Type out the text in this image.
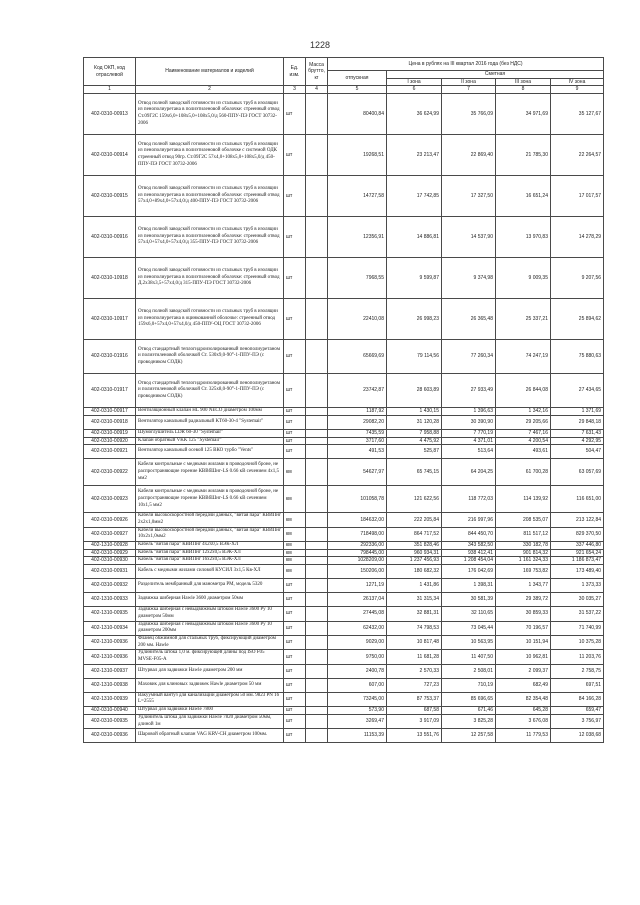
1228
Код ОКП, код отраслевой	Наименование материалов и изделий	Ед. изм.	Масса брутто, кг	Цена в рублях на III квартал 2016 года (без НДС)				
				отпускная	Сметная			
					I зона	II зона	III зона	IV зона
1	2	3	4	5	6	7	8	9
402-0310-00913	Отвод полной заводской готовности из стальных труб в изоляции из пенополиуретана в полиэтиленовой оболочке: стреенный отвод Ст.09Г2С 159х6,0+108х5,0+108х5,0/д 560-ППУ-ПЭ ГОСТ 30732-2006	шт		80400,84	36 624,99	35 766,09	34 971,69	35 127,67
402-0310-00914	Отвод полной заводской готовности из стальных труб в изоляции из пенополиуретана в полиэтиленовой оболочке с системой ОДК стреенный отвод 90гр. Ст.09Г2С 57х4,0+108х5,0+108х5,0/д 450-ППУ-ПЭ ГОСТ 30732-2006	шт		19268,51	23 213,47	22 869,40	21 785,30	22 264,57
402-0310-00915	Отвод полной заводской готовности из стальных труб в изоляции из пенополиуретана в полиэтиленовой оболочке: стреенный отвод 57х4,0+89х4,0+57х4,0/д 400-ППУ-ПЭ ГОСТ 30732-2006	шт		14727,58	17 742,85	17 327,50	16 651,24	17 017,57
402-0310-00916	Отвод полной заводской готовности из стальных труб в изоляции из пенополиуретана в полиэтиленовой оболочке: стреенный отвод 57х4,0+57х4,0+57х4,0/д 355-ППУ-ПЭ ГОСТ 30732-2006	шт		12356,91	14 886,81	14 537,90	13 970,83	14 278,29
402-0310-10918	Отвод полной заводской готовности из стальных труб в изоляции из пенополиуретана в полиэтиленовой оболочке: стреенный отвод Д.2х38х3,5+57х4,0/д 315-ППУ-ПЭ ГОСТ 30732-2006	шт		7968,55	9 599,87	9 374,98	9 009,35	9 207,56
402-0310-10917	Отвод полной заводской готовности из стальных труб в изоляции из пенополиуретана в оцинкованной оболочке: стреенный отвод 159х6,0+57х4,0+57х4,0/д 450-ППУ-ОЦ ГОСТ 30732-2006	шт		22410,08	26 998,23	26 365,48	25 337,21	25 894,62
402-0310-01916	Отвод стандартный теплогидроизолированный пенополиуретаном и полиэтиленовой оболочкой Ст. 530х9,0-90°-1-ППУ-ПЭ (с проводником СОДК)	шт		65669,69	79 114,56	77 260,34	74 247,19	75 880,63
402-0310-01917	Отвод стандартный теплогидроизолированный пенополиуретаном и полиэтиленовой оболочкой Ст. 325х8,0-90°-1-ППУ-ПЭ (с проводником СОДК)	шт		23742,87	28 603,89	27 933,49	26 844,08	27 434,65
402-0310-00917	Вентиляционный клапан HL 900 NECO диаметром 100мм	шт		1187,92	1 430,15	1 396,63	1 342,16	1 371,69
402-0310-00918	Вентилятор канальный радиальный KT60-30-4 "Systemair"	шт		29082,20	31 120,28	30 390,90	29 205,66	29 848,18
402-0310-00919	Шумоглушитель LDR 60-30 "Systemair"	шт		7435,59	7 958,88	7 770,19	7 467,16	7 631,43
402-0310-00920	Клапан обратный VKK 125 "Systemair"	шт		3717,60	4 475,92	4 371,01	4 200,54	4 292,95
402-0310-00921	Вентилятор канальный осевой 125 ВКО турбо "Vents"	шт		491,53	525,87	513,64	493,61	504,47
402-0310-00922	Кабели контрольные с медными жилами в проводочной броне, не распространяющие горение КВВбШнг-LS 0.66 кВ сечением 4х1,5 мм2	км		54627,97	65 745,15	64 204,25	61 700,28	63 057,69
402-0310-00923	Кабели контрольные с медными жилами в проводочной броне, не распространяющие горение КВВбШнг-LS 0.66 кВ сечением 10х1,5 мм2	км		101058,78	121 622,56	118 772,03	114 139,92	116 651,00
402-0310-00926	Кабели высокоскоростной передачи данных, "витая пара" КВИПнг 2х2х1,0мм2	км		184632,00	222 205,84	216 997,96	208 535,07	213 122,84
402-0310-00927	Кабели высокоскоростной передачи данных, "витая пара" КВИПнг 10х2х1,0мм2	км		718498,00	864 717,52	844 450,70	811 517,12	829 370,50
402-1310-00928	Кабель "витая пара" КВИПнг 4х2х0,5 ВЭК-ХЛ	км		292336,00	351 828,46	343 582,50	330 182,78	337 446,80
402-0310-00929	Кабель "витая пара" КВИПнг 12х2х0,5 ВЭК-ХЛ	км		798445,00	960 934,31	938 412,41	901 814,32	921 654,24
402-0310-00930	Кабель "витая пара" КВИПнг 16х2х0,5 ВЭК-ХЛ	км		1028209,00	1 237 456,93	1 208 454,04	1 161 324,33	1 186 873,47
402-0310-00931	Кабель с медными жилами силовой КУСИЛ 3х1,5 Кв-ХЛ	км		150206,00	180 682,32	176 042,69	169 753,82	173 489,40
402-0310-00932	Разделитель мембранный для манометра PM, модель 5320	шт		1271,19	1 431,86	1 398,31	1 343,77	1 373,33
402-1310-00933	Задвижка шиберная Hawle 3600 диаметром 50мм	шт		26137,04	31 315,34	30 581,39	29 389,72	30 035,27
402-1310-00935	Задвижка шиберная с невыдвижным штоком Hawle 3600 Ру 10 диаметром 50мм	шт		27445,08	32 881,31	32 110,65	30 859,33	31 537,22
402-1310-00934	Задвижка шиберная с невыдвижным штоком Hawle 3600 Ру 10 диаметром 200мм	шт		62432,00	74 798,53	73 045,44	70 196,57	71 740,99
402-1310-00936	Фланец обжимной для стальных труб, фиксирующий диаметром 200 мм. Hawle	шт		9029,00	10 817,48	10 563,95	10 151,94	10 375,28
402-1310-00936	Удлинитель штока 1,0 м. фиксирующей длины под ISO F05 MVSE-F05-A	шт		9750,00	11 681,28	11 407,50	10 962,81	11 203,76
402-1310-00937	Штурвал для задвижки Hawle диаметром 200 мм	шт		2400,78	2 570,33	2 508,01	2 099,37	2 758,75
402-1310-00938	Маховик для клиновых задвижек Hawle диаметром 50 мм	шт		607,00	727,23	710,19	682,49	697,51
402-1310-00939	Вакуумный вантуз для канализации диаметром 50 мм. 9823 PN 16 L=2555	шт		73245,00	87 753,37	85 696,65	82 354,48	84 166,28
402-0310-00940	Штурвал для задвижки Hawle 7800	шт		573,90	687,58	671,46	645,28	659,47
402-0310-00935	Удлинитель штока для задвижки Hawle 7820 диаметром 50мм, длиной 1м	шт		3269,47	3 917,09	3 825,28	3 676,08	3 756,97
402-0310-00936	Шаровой обратный клапан VAG KRV-СН диаметром 100мм.	шт		11153,39	13 551,76	12 257,58	11 779,53	12 038,68
